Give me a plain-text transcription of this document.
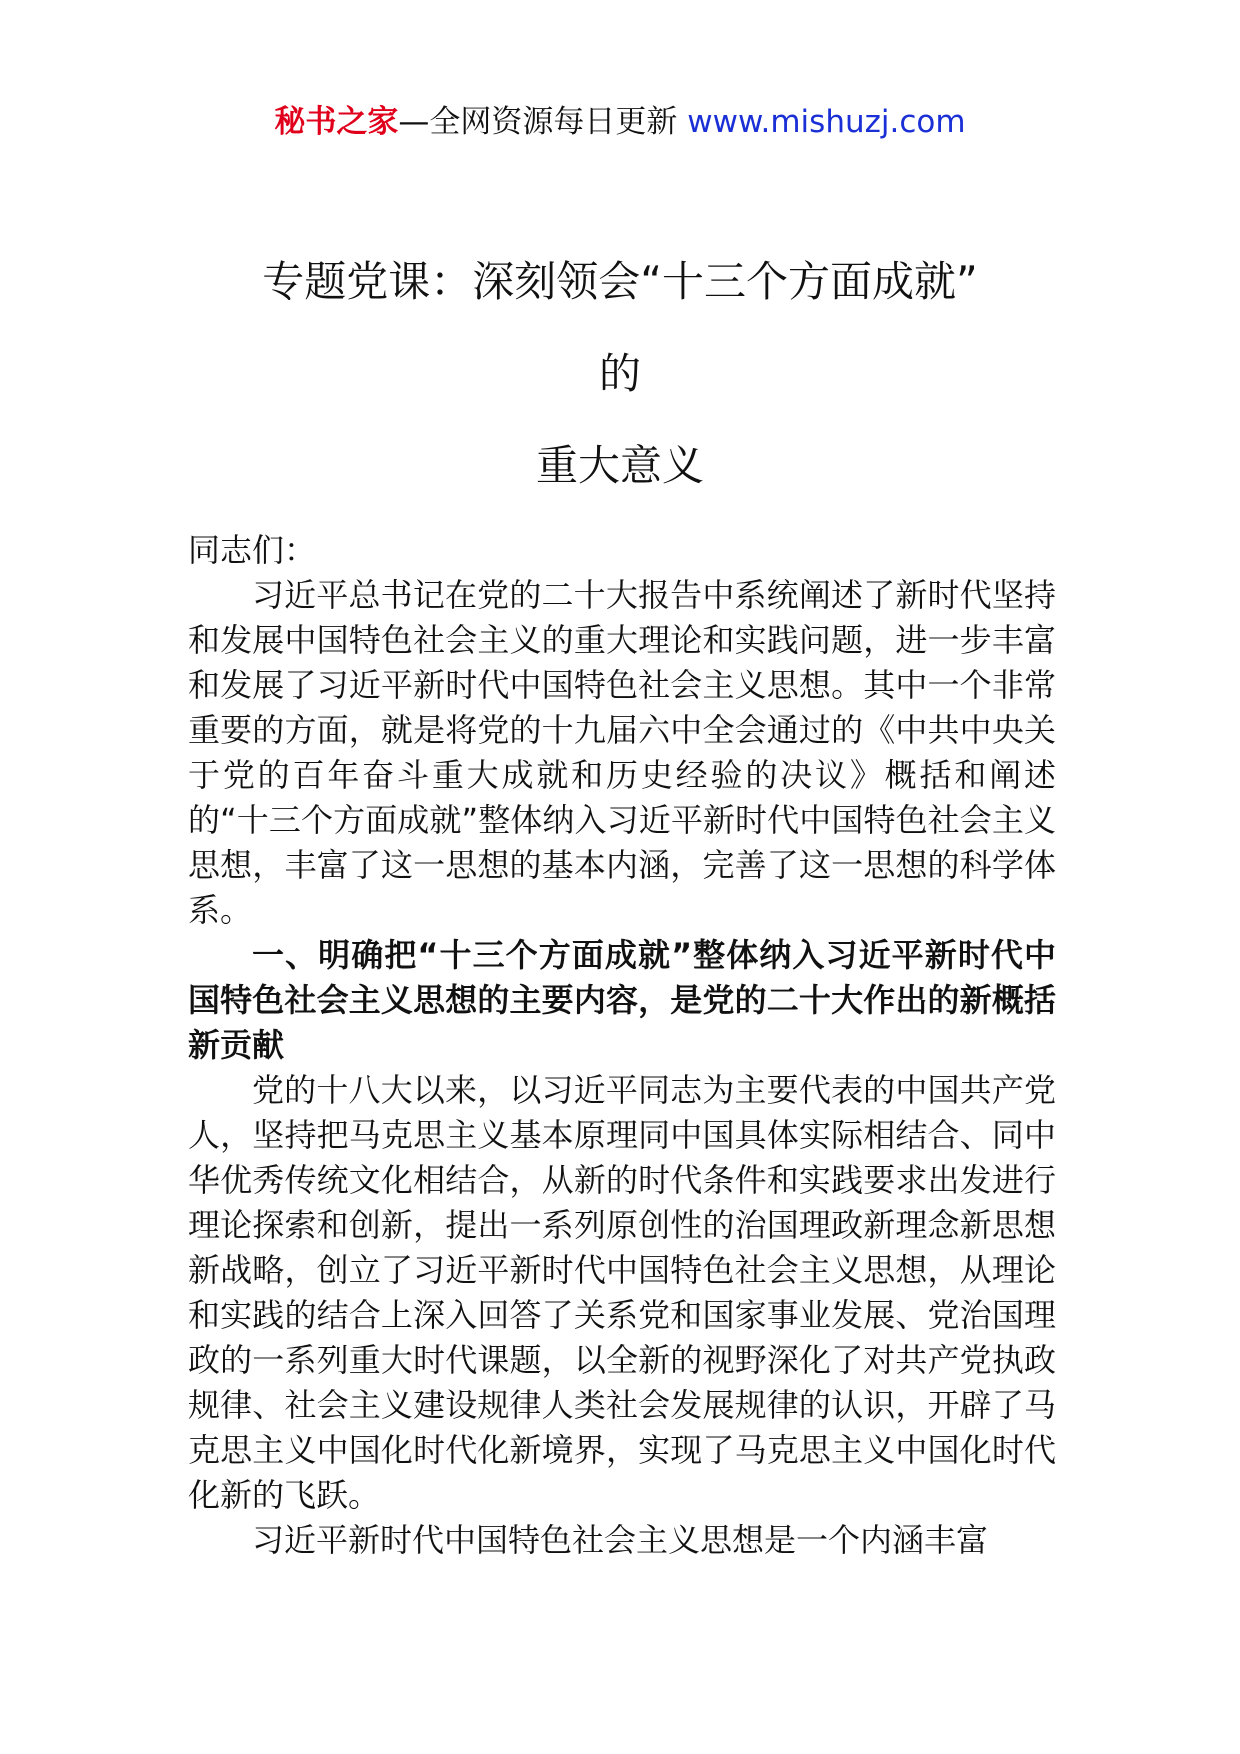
秘书之家—全网资源每日更新 www.mishuzj.com
专题党课：深刻领会“十三个方面成就”
的
重大意义

同志们：

习近平总书记在党的二十大报告中系统阐述了新时代坚持和发展中国特色社会主义的重大理论和实践问题，进一步丰富和发展了习近平新时代中国特色社会主义思想。其中一个非常重要的方面，就是将党的十九届六中全会通过的《中共中央关于党的百年奋斗重大成就和历史经验的决议》概括和阐述的“十三个方面成就”整体纳入习近平新时代中国特色社会主义思想，丰富了这一思想的基本内涵，完善了这一思想的科学体系。

一、明确把“十三个方面成就”整体纳入习近平新时代中国特色社会主义思想的主要内容，是党的二十大作出的新概括新贡献

党的十八大以来，以习近平同志为主要代表的中国共产党人，坚持把马克思主义基本原理同中国具体实际相结合、同中华优秀传统文化相结合，从新的时代条件和实践要求出发进行理论探索和创新，提出一系列原创性的治国理政新理念新思想新战略，创立了习近平新时代中国特色社会主义思想，从理论和实践的结合上深入回答了关系党和国家事业发展、党治国理政的一系列重大时代课题，以全新的视野深化了对共产党执政规律、社会主义建设规律人类社会发展规律的认识，开辟了马克思主义中国化时代化新境界，实现了马克思主义中国化时代化新的飞跃。

习近平新时代中国特色社会主义思想是一个内涵丰富
